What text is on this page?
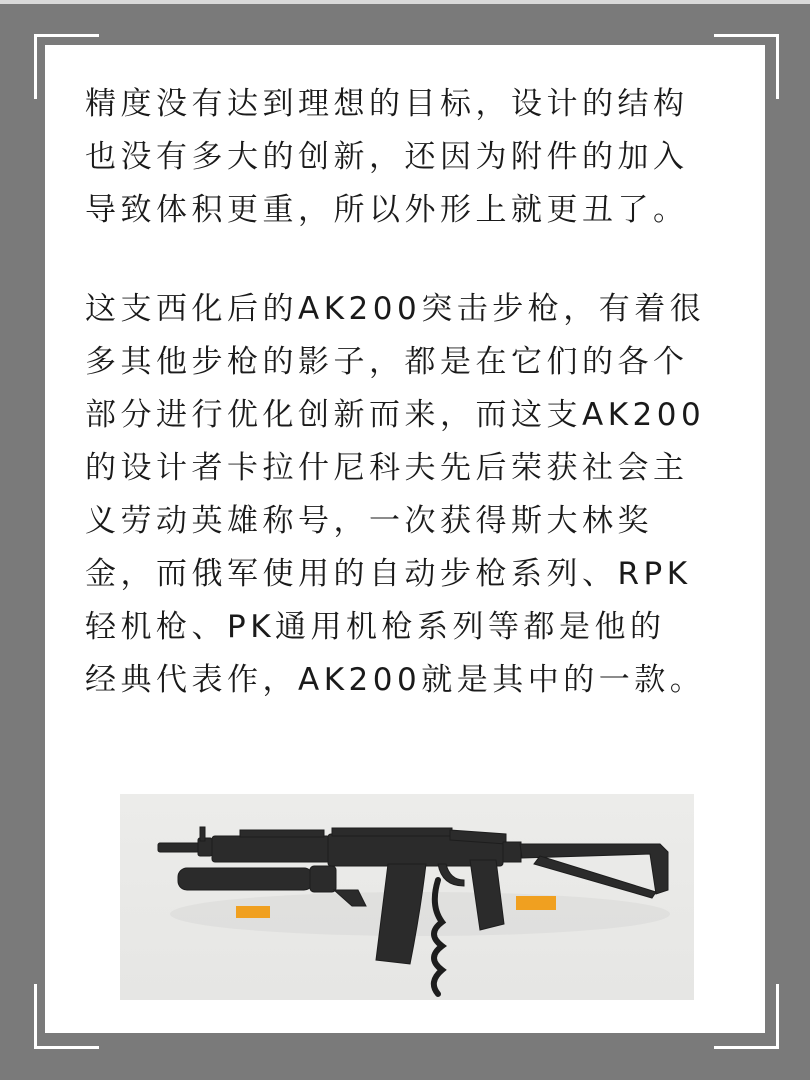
精度没有达到理想的目标，设计的结构
也没有多大的创新，还因为附件的加入
导致体积更重，所以外形上就更丑了。

这支西化后的AK200突击步枪，有着很
多其他步枪的影子，都是在它们的各个
部分进行优化创新而来，而这支AK200
的设计者卡拉什尼科夫先后荣获社会主
义劳动英雄称号，一次获得斯大林奖
金，而俄军使用的自动步枪系列、RPK
轻机枪、PK通用机枪系列等都是他的
经典代表作，AK200就是其中的一款。
